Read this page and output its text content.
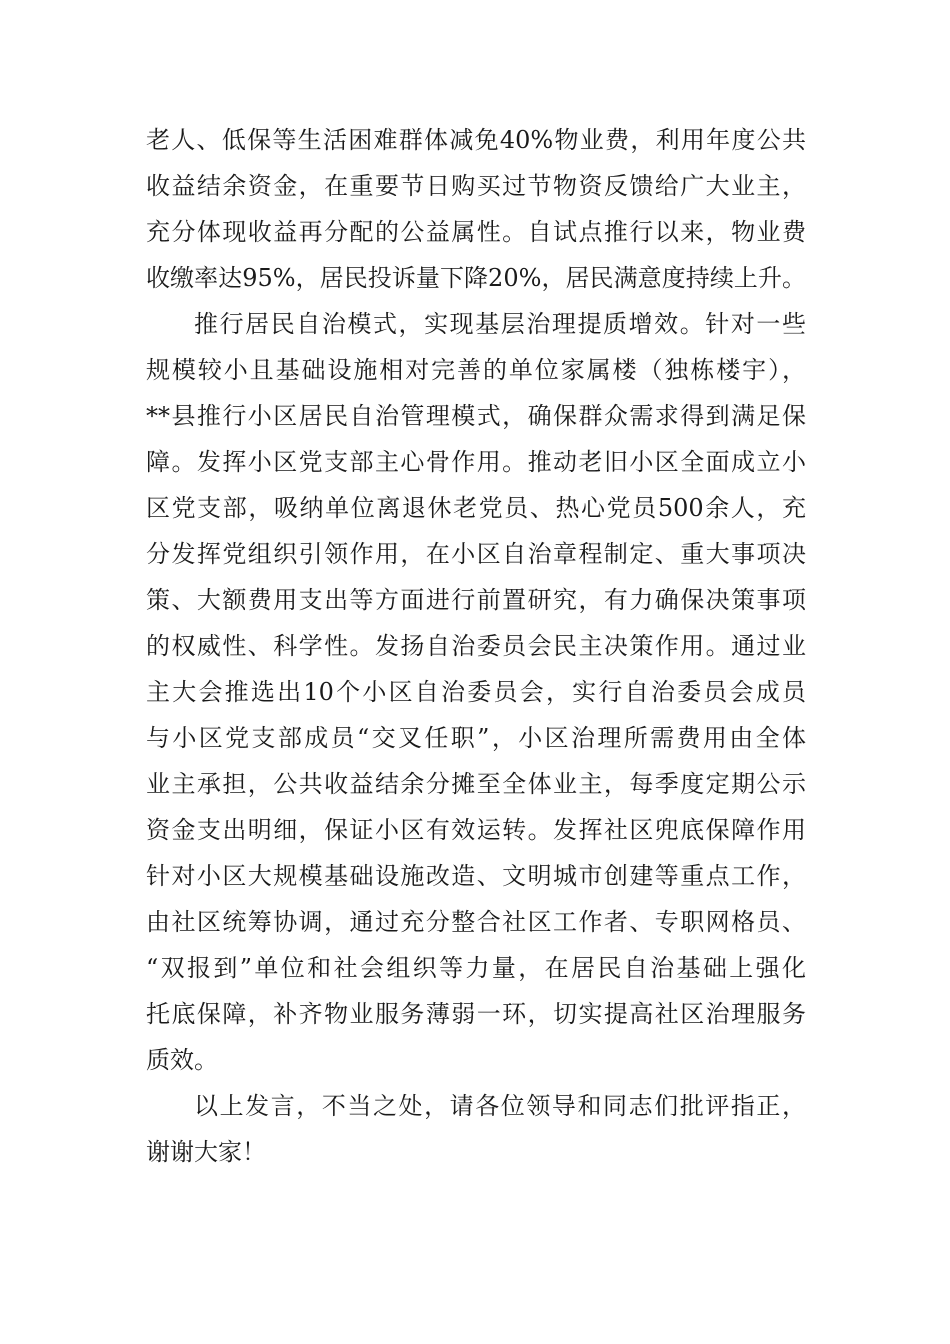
老人、低保等生活困难群体减免40%物业费，利用年度公共
收益结余资金，在重要节日购买过节物资反馈给广大业主，
充分体现收益再分配的公益属性。自试点推行以来，物业费
收缴率达95%，居民投诉量下降20%，居民满意度持续上升。
推行居民自治模式，实现基层治理提质增效。针对一些
规模较小且基础设施相对完善的单位家属楼（独栋楼宇），
**县推行小区居民自治管理模式，确保群众需求得到满足保
障。发挥小区党支部主心骨作用。推动老旧小区全面成立小
区党支部，吸纳单位离退休老党员、热心党员500余人，充
分发挥党组织引领作用，在小区自治章程制定、重大事项决
策、大额费用支出等方面进行前置研究，有力确保决策事项
的权威性、科学性。发扬自治委员会民主决策作用。通过业
主大会推选出10个小区自治委员会，实行自治委员会成员
与小区党支部成员“交叉任职”，小区治理所需费用由全体
业主承担，公共收益结余分摊至全体业主，每季度定期公示
资金支出明细，保证小区有效运转。发挥社区兜底保障作用
针对小区大规模基础设施改造、文明城市创建等重点工作，
由社区统筹协调，通过充分整合社区工作者、专职网格员、
“双报到”单位和社会组织等力量，在居民自治基础上强化
托底保障，补齐物业服务薄弱一环，切实提高社区治理服务
质效。
以上发言，不当之处，请各位领导和同志们批评指正，
谢谢大家！
